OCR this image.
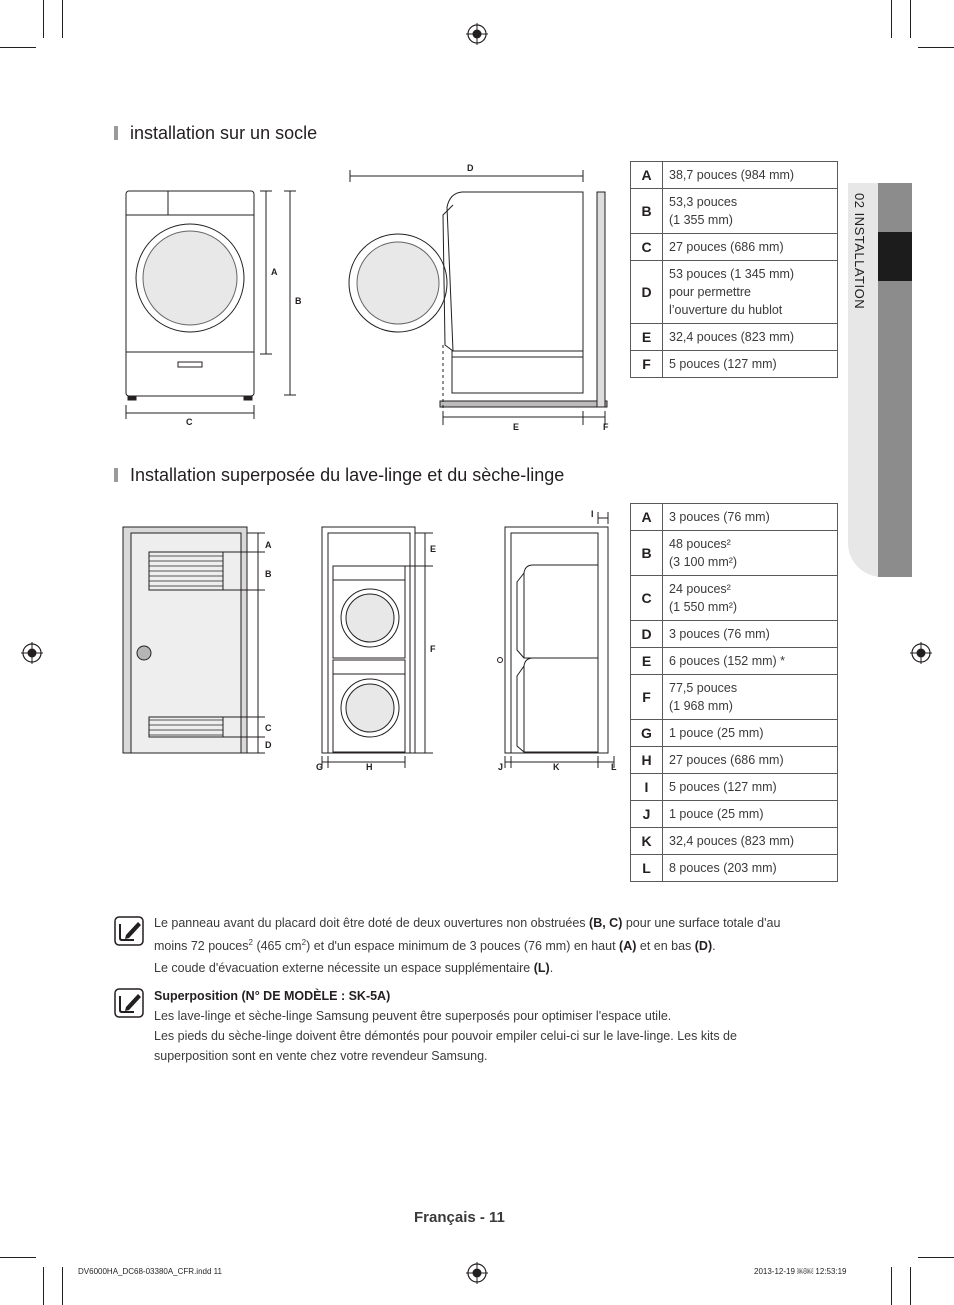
02 INSTALLATION
installation sur un socle
A
B
C
D
E	F
A	38,7 pouces (984 mm)
B	53,3 pouces
(1 355 mm)
C	27 pouces (686 mm)
D	53 pouces (1 345 mm)
pour permettre
l’ouverture du hublot
E	32,4 pouces (823 mm)
F	5 pouces (127 mm)
Installation superposée du lave-linge et du sèche-linge
A
B
C
D
E
F
G	H
I
J	K	L
A	3 pouces (76 mm)
B	48 pouces²
(3 100 mm²)
C	24 pouces²
(1 550 mm²)
D	3 pouces (76 mm)
E	6 pouces (152 mm) *
F	77,5 pouces
(1 968 mm)
G	1 pouce (25 mm)
H	27 pouces (686 mm)
I	5 pouces (127 mm)
J	1 pouce (25 mm)
K	32,4 pouces (823 mm)
L	8 pouces (203 mm)
Le panneau avant du placard doit être doté de deux ouvertures non obstruées (B, C) pour une surface totale d'au moins 72 pouces$^2$ (465 $cm^2$) et d'un espace minimum de 3 pouces (76 mm) en haut (A) et en bas (D).
Le coude d'évacuation externe nécessite un espace supplémentaire (L).
Superposition (N° DE MODÈLE : SK-5A)
Les lave-linge et sèche-linge Samsung peuvent être superposés pour optimiser l'espace utile.
Les pieds du sèche-linge doivent être démontés pour pouvoir empiler celui-ci sur le lave-linge. Les kits de superposition sont en vente chez votre revendeur Samsung.
Français - 11
DV6000HA_DC68-03380A_CFR.indd 11	2013-12-19 ￼￼ 12:53:19
